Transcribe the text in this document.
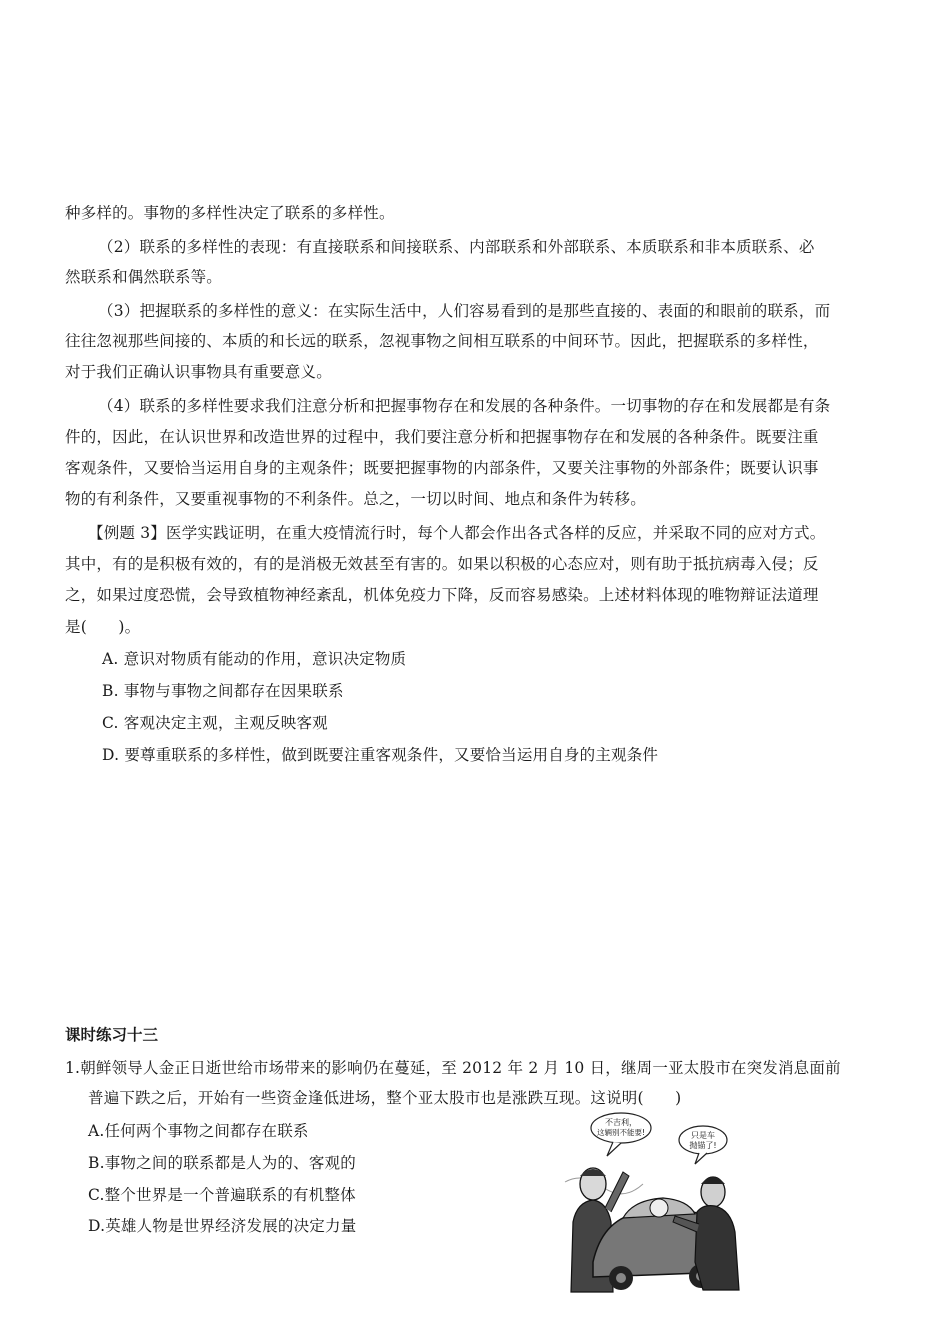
种多样的。事物的多样性决定了联系的多样性。
（2）联系的多样性的表现：有直接联系和间接联系、内部联系和外部联系、本质联系和非本质联系、必
然联系和偶然联系等。
（3）把握联系的多样性的意义：在实际生活中，人们容易看到的是那些直接的、表面的和眼前的联系，而
往往忽视那些间接的、本质的和长远的联系，忽视事物之间相互联系的中间环节。因此，把握联系的多样性，
对于我们正确认识事物具有重要意义。
（4）联系的多样性要求我们注意分析和把握事物存在和发展的各种条件。一切事物的存在和发展都是有条
件的，因此，在认识世界和改造世界的过程中，我们要注意分析和把握事物存在和发展的各种条件。既要注重
客观条件，又要恰当运用自身的主观条件；既要把握事物的内部条件，又要关注事物的外部条件；既要认识事
物的有利条件，又要重视事物的不利条件。总之，一切以时间、地点和条件为转移。
【例题 3】医学实践证明，在重大疫情流行时，每个人都会作出各式各样的反应，并采取不同的应对方式。
其中，有的是积极有效的，有的是消极无效甚至有害的。如果以积极的心态应对，则有助于抵抗病毒入侵；反
之，如果过度恐慌，会导致植物神经紊乱，机体免疫力下降，反而容易感染。上述材料体现的唯物辩证法道理
是(　　)。
A. 意识对物质有能动的作用，意识决定物质
B. 事物与事物之间都存在因果联系
C. 客观决定主观，主观反映客观
D. 要尊重联系的多样性，做到既要注重客观条件，又要恰当运用自身的主观条件
课时练习十三
1.朝鲜领导人金正日逝世给市场带来的影响仍在蔓延，至 2012 年 2 月 10 日，继周一亚太股市在突发消息面前
普遍下跌之后，开始有一些资金逢低进场，整个亚太股市也是涨跌互现。这说明(　　)
A.任何两个事物之间都存在联系
B.事物之间的联系都是人为的、客观的
C.整个世界是一个普遍联系的有机整体
D.英雄人物是世界经济发展的决定力量
不吉利，
这辆别不能要!	只是车
抛锚了!
